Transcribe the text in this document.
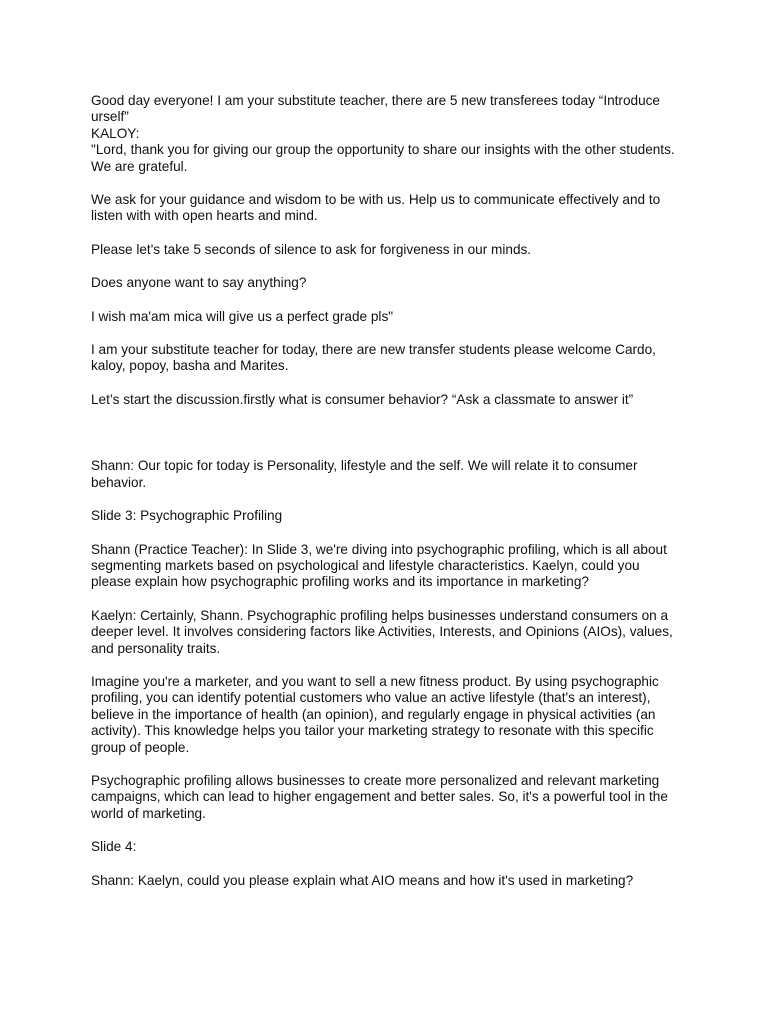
Good day everyone! I am your substitute teacher, there are 5 new transferees today “Introduce urself”

KALOY:

"Lord, thank you for giving our group the opportunity to share our insights with the other students. We are grateful.

We ask for your guidance and wisdom to be with us. Help us to communicate effectively and to listen with with open hearts and mind.

Please let's take 5 seconds of silence to ask for forgiveness in our minds.

Does anyone want to say anything?

I wish ma'am mica will give us a perfect grade pls"

I am your substitute teacher for today, there are new transfer students please welcome Cardo, kaloy, popoy, basha and Marites.

Let’s start the discussion.firstly what is consumer behavior? “Ask a classmate to answer it”

Shann: Our topic for today is Personality, lifestyle and the self. We will relate it to consumer behavior.

Slide 3: Psychographic Profiling

Shann (Practice Teacher): In Slide 3, we're diving into psychographic profiling, which is all about segmenting markets based on psychological and lifestyle characteristics. Kaelyn, could you please explain how psychographic profiling works and its importance in marketing?

Kaelyn: Certainly, Shann. Psychographic profiling helps businesses understand consumers on a deeper level. It involves considering factors like Activities, Interests, and Opinions (AIOs), values, and personality traits.

Imagine you're a marketer, and you want to sell a new fitness product. By using psychographic profiling, you can identify potential customers who value an active lifestyle (that's an interest), believe in the importance of health (an opinion), and regularly engage in physical activities (an activity). This knowledge helps you tailor your marketing strategy to resonate with this specific group of people.

Psychographic profiling allows businesses to create more personalized and relevant marketing campaigns, which can lead to higher engagement and better sales. So, it's a powerful tool in the world of marketing.

Slide 4:

Shann: Kaelyn, could you please explain what AIO means and how it's used in marketing?
